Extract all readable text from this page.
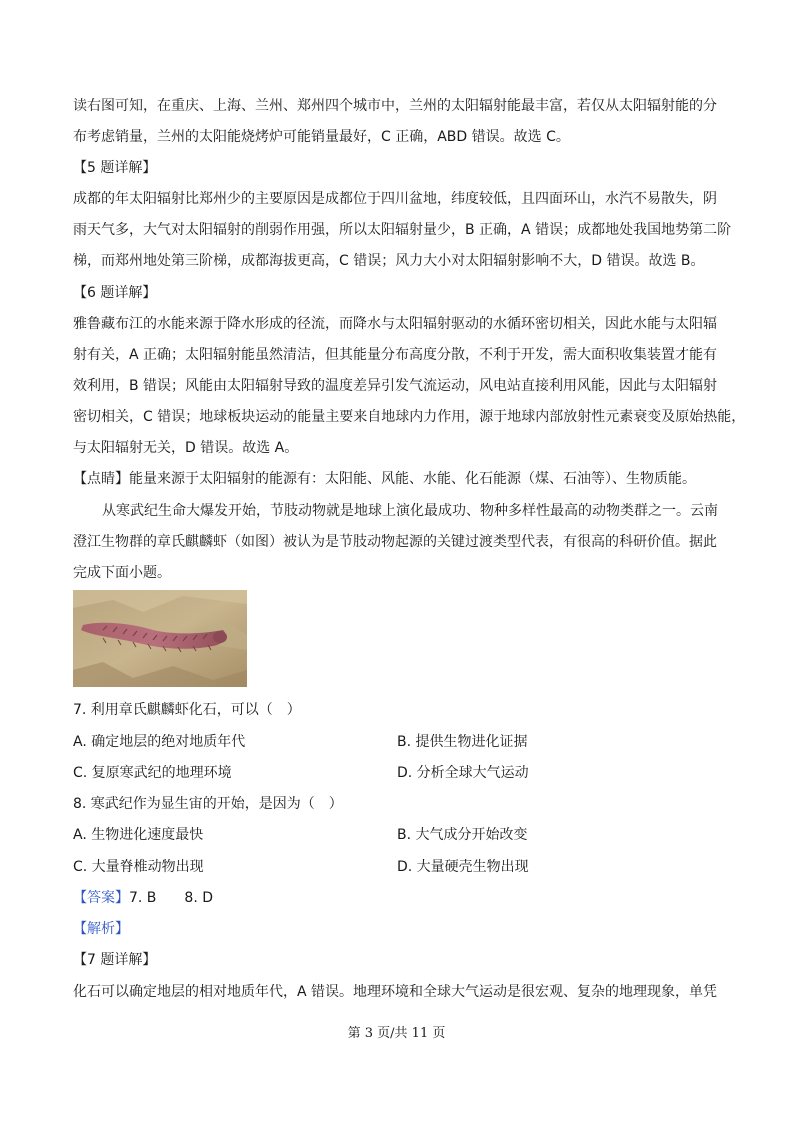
读右图可知，在重庆、上海、兰州、郑州四个城市中，兰州的太阳辐射能最丰富，若仅从太阳辐射能的分
布考虑销量，兰州的太阳能烧烤炉可能销量最好，C 正确，ABD 错误。故选 C。
【5 题详解】
成都的年太阳辐射比郑州少的主要原因是成都位于四川盆地，纬度较低，且四面环山，水汽不易散失，阴
雨天气多，大气对太阳辐射的削弱作用强，所以太阳辐射量少，B 正确，A 错误；成都地处我国地势第二阶
梯，而郑州地处第三阶梯，成都海拔更高，C 错误；风力大小对太阳辐射影响不大，D 错误。故选 B。
【6 题详解】
雅鲁藏布江的水能来源于降水形成的径流，而降水与太阳辐射驱动的水循环密切相关，因此水能与太阳辐
射有关，A 正确；太阳辐射能虽然清洁，但其能量分布高度分散，不利于开发，需大面积收集装置才能有
效利用，B 错误；风能由太阳辐射导致的温度差异引发气流运动，风电站直接利用风能，因此与太阳辐射
密切相关，C 错误；地球板块运动的能量主要来自地球内力作用，源于地球内部放射性元素衰变及原始热能，
与太阳辐射无关，D 错误。故选 A。
【点睛】能量来源于太阳辐射的能源有：太阳能、风能、水能、化石能源（煤、石油等）、生物质能。
从寒武纪生命大爆发开始，节肢动物就是地球上演化最成功、物种多样性最高的动物类群之一。云南
澄江生物群的章氏麒麟虾（如图）被认为是节肢动物起源的关键过渡类型代表，有很高的科研价值。据此
完成下面小题。
7. 利用章氏麒麟虾化石，可以（　）
A. 确定地层的绝对地质年代	B. 提供生物进化证据
C. 复原寒武纪的地理环境	D. 分析全球大气运动
8. 寒武纪作为显生宙的开始，是因为（　）
A. 生物进化速度最快	B. 大气成分开始改变
C. 大量脊椎动物出现	D. 大量硬壳生物出现
【答案】7. B　　8. D
【解析】
【7 题详解】
化石可以确定地层的相对地质年代，A 错误。地理环境和全球大气运动是很宏观、复杂的地理现象，单凭
第 3 页/共 11 页
